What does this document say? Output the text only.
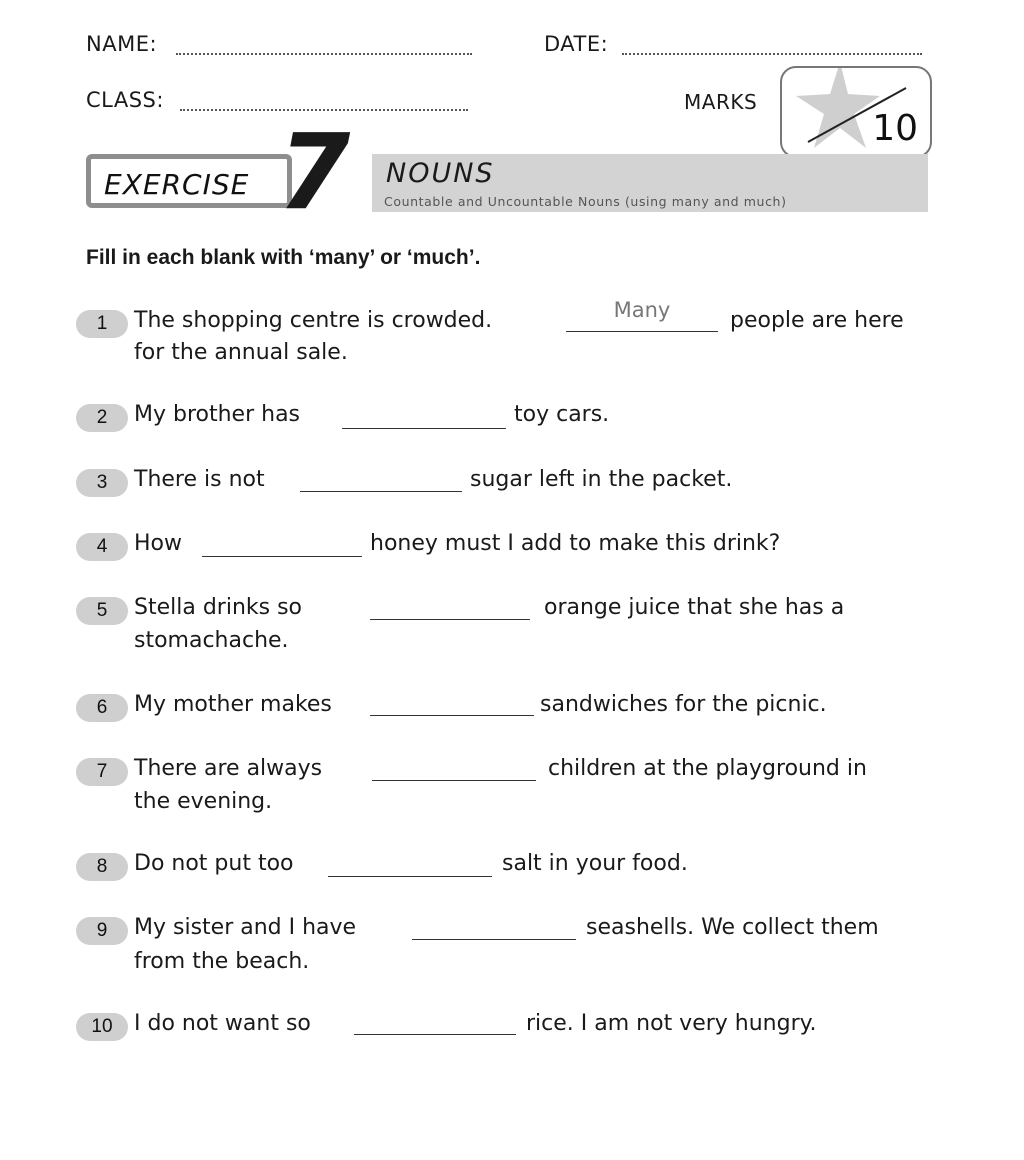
NAME:	DATE:
CLASS:	MARKS
10
EXERCISE 7 NOUNS
Countable and Uncountable Nouns (using many and much)
Fill in each blank with ‘many’ or ‘much’.
1	The shopping centre is crowded.	Many	people are here
for the annual sale.
2	My brother has	toy cars.
3	There is not	sugar left in the packet.
4	How	honey must I add to make this drink?
5	Stella drinks so	orange juice that she has a
stomachache.
6	My mother makes	sandwiches for the picnic.
7	There are always	children at the playground in
the evening.
8	Do not put too	salt in your food.
9	My sister and I have	seashells. We collect them
from the beach.
10 I do not want so	rice. I am not very hungry.
